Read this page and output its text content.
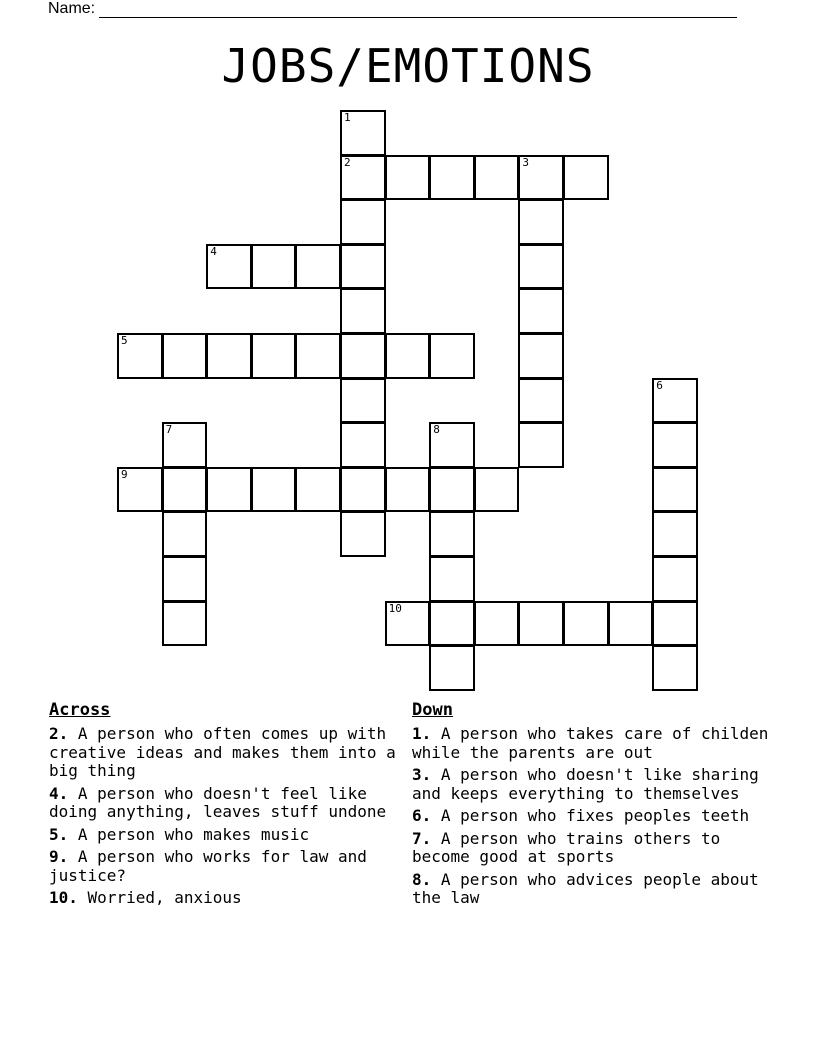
Name:
JOBS/EMOTIONS
1
2	3
4
5
6
7	8
9
10
Across
2. A person who often comes up with creative ideas and makes them into a big thing
4. A person who doesn't feel like doing anything, leaves stuff undone
5. A person who makes music
9. A person who works for law and justice?
10. Worried, anxious
Down
1. A person who takes care of childen while the parents are out
3. A person who doesn't like sharing and keeps everything to themselves
6. A person who fixes peoples teeth
7. A person who trains others to become good at sports
8. A person who advices people about the law
